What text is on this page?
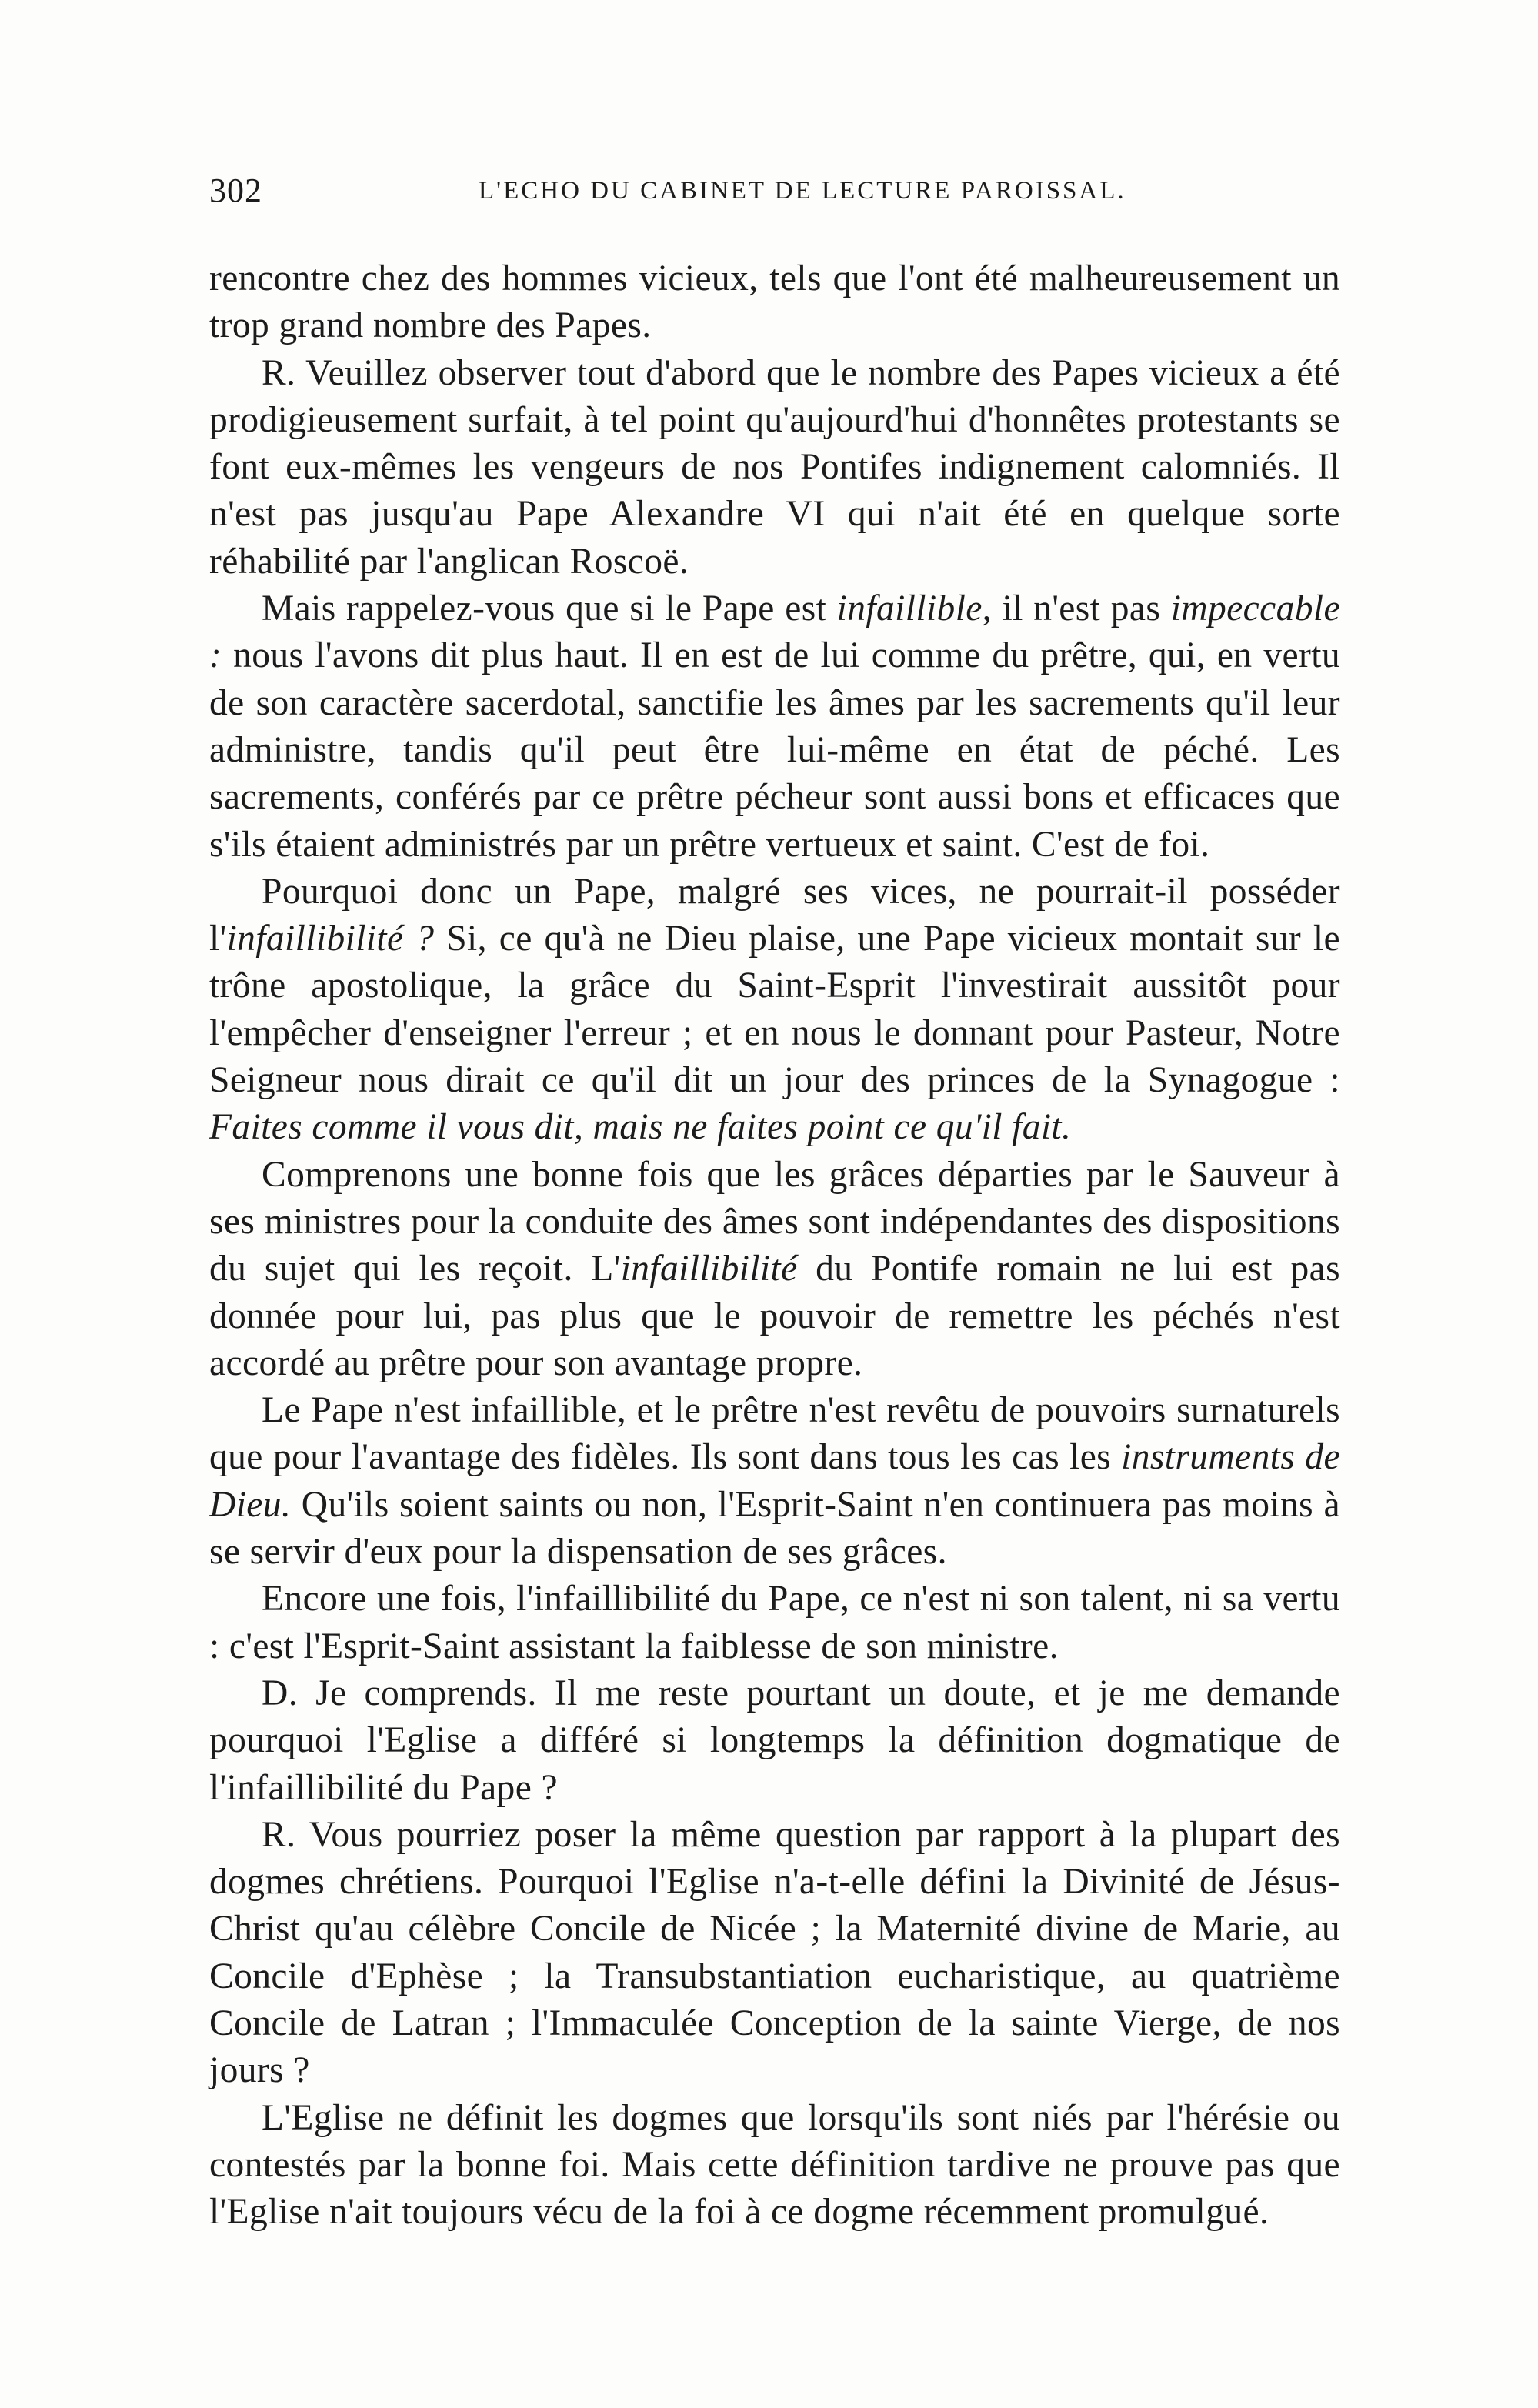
302	L'ECHO DU CABINET DE LECTURE PAROISSAL.

rencontre chez des hommes vicieux, tels que l'ont été malheureusement un trop grand nombre des Papes.

R. Veuillez observer tout d'abord que le nombre des Papes vicieux a été prodigieusement surfait, à tel point qu'aujourd'hui d'honnêtes protestants se font eux-mêmes les vengeurs de nos Pontifes indignement calomniés. Il n'est pas jusqu'au Pape Alexandre VI qui n'ait été en quelque sorte réhabilité par l'anglican Roscoë.

Mais rappelez-vous que si le Pape est infaillible, il n'est pas impeccable : nous l'avons dit plus haut. Il en est de lui comme du prêtre, qui, en vertu de son caractère sacerdotal, sanctifie les âmes par les sacrements qu'il leur administre, tandis qu'il peut être lui-même en état de péché. Les sacrements, conférés par ce prêtre pécheur sont aussi bons et efficaces que s'ils étaient administrés par un prêtre vertueux et saint. C'est de foi.

Pourquoi donc un Pape, malgré ses vices, ne pourrait-il posséder l'infaillibilité ? Si, ce qu'à ne Dieu plaise, une Pape vicieux montait sur le trône apostolique, la grâce du Saint-Esprit l'investirait aussitôt pour l'empêcher d'enseigner l'erreur ; et en nous le donnant pour Pasteur, Notre Seigneur nous dirait ce qu'il dit un jour des princes de la Synagogue : Faites comme il vous dit, mais ne faites point ce qu'il fait.

Comprenons une bonne fois que les grâces départies par le Sauveur à ses ministres pour la conduite des âmes sont indépendantes des dispositions du sujet qui les reçoit. L'infaillibilité du Pontife romain ne lui est pas donnée pour lui, pas plus que le pouvoir de remettre les péchés n'est accordé au prêtre pour son avantage propre.

Le Pape n'est infaillible, et le prêtre n'est revêtu de pouvoirs surnaturels que pour l'avantage des fidèles. Ils sont dans tous les cas les instruments de Dieu. Qu'ils soient saints ou non, l'Esprit-Saint n'en continuera pas moins à se servir d'eux pour la dispensation de ses grâces.

Encore une fois, l'infaillibilité du Pape, ce n'est ni son talent, ni sa vertu : c'est l'Esprit-Saint assistant la faiblesse de son ministre.

D. Je comprends. Il me reste pourtant un doute, et je me demande pourquoi l'Eglise a différé si longtemps la définition dogmatique de l'infaillibilité du Pape ?

R. Vous pourriez poser la même question par rapport à la plupart des dogmes chrétiens. Pourquoi l'Eglise n'a-t-elle défini la Divinité de Jésus-Christ qu'au célèbre Concile de Nicée ; la Maternité divine de Marie, au Concile d'Ephèse ; la Transubstantiation eucharistique, au quatrième Concile de Latran ; l'Immaculée Conception de la sainte Vierge, de nos jours ?

L'Eglise ne définit les dogmes que lorsqu'ils sont niés par l'hérésie ou contestés par la bonne foi. Mais cette définition tardive ne prouve pas que l'Eglise n'ait toujours vécu de la foi à ce dogme récemment promulgué.
